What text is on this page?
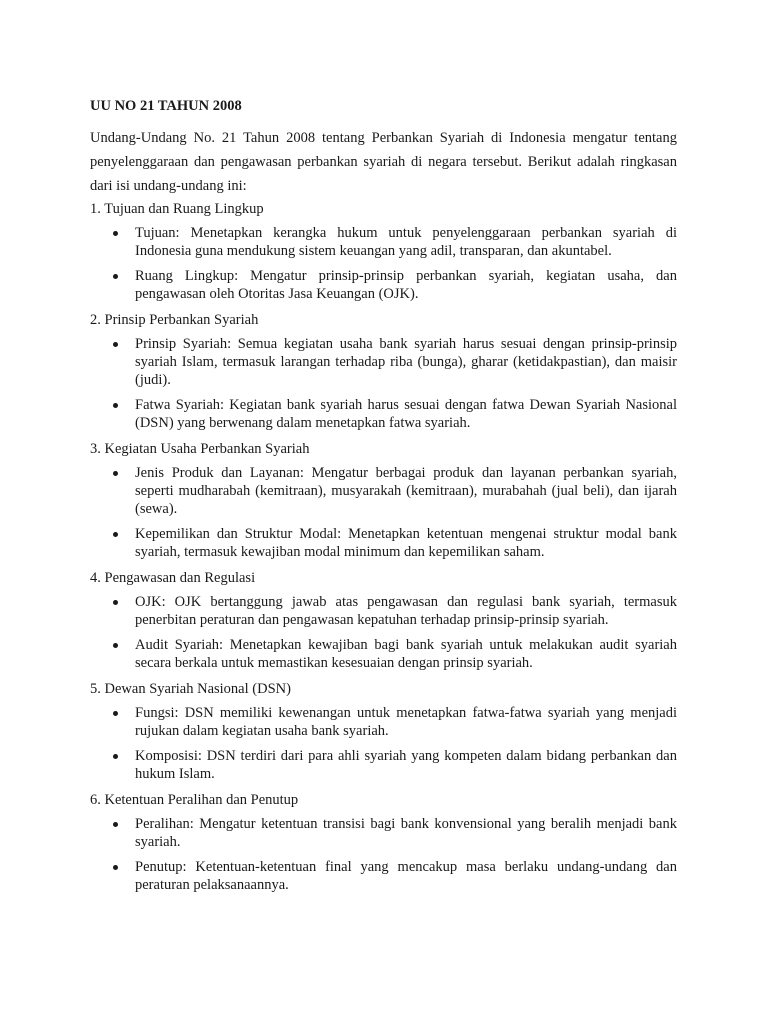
UU NO 21 TAHUN 2008

Undang-Undang No. 21 Tahun 2008 tentang Perbankan Syariah di Indonesia mengatur tentang penyelenggaraan dan pengawasan perbankan syariah di negara tersebut. Berikut adalah ringkasan dari isi undang-undang ini:

1. Tujuan dan Ruang Lingkup

Tujuan: Menetapkan kerangka hukum untuk penyelenggaraan perbankan syariah di Indonesia guna mendukung sistem keuangan yang adil, transparan, dan akuntabel.
Ruang Lingkup: Mengatur prinsip-prinsip perbankan syariah, kegiatan usaha, dan pengawasan oleh Otoritas Jasa Keuangan (OJK).

2. Prinsip Perbankan Syariah

Prinsip Syariah: Semua kegiatan usaha bank syariah harus sesuai dengan prinsip-prinsip syariah Islam, termasuk larangan terhadap riba (bunga), gharar (ketidakpastian), dan maisir (judi).
Fatwa Syariah: Kegiatan bank syariah harus sesuai dengan fatwa Dewan Syariah Nasional (DSN) yang berwenang dalam menetapkan fatwa syariah.

3. Kegiatan Usaha Perbankan Syariah

Jenis Produk dan Layanan: Mengatur berbagai produk dan layanan perbankan syariah, seperti mudharabah (kemitraan), musyarakah (kemitraan), murabahah (jual beli), dan ijarah (sewa).
Kepemilikan dan Struktur Modal: Menetapkan ketentuan mengenai struktur modal bank syariah, termasuk kewajiban modal minimum dan kepemilikan saham.

4. Pengawasan dan Regulasi

OJK: OJK bertanggung jawab atas pengawasan dan regulasi bank syariah, termasuk penerbitan peraturan dan pengawasan kepatuhan terhadap prinsip-prinsip syariah.
Audit Syariah: Menetapkan kewajiban bagi bank syariah untuk melakukan audit syariah secara berkala untuk memastikan kesesuaian dengan prinsip syariah.

5. Dewan Syariah Nasional (DSN)

Fungsi: DSN memiliki kewenangan untuk menetapkan fatwa-fatwa syariah yang menjadi rujukan dalam kegiatan usaha bank syariah.
Komposisi: DSN terdiri dari para ahli syariah yang kompeten dalam bidang perbankan dan hukum Islam.

6. Ketentuan Peralihan dan Penutup

Peralihan: Mengatur ketentuan transisi bagi bank konvensional yang beralih menjadi bank syariah.
Penutup: Ketentuan-ketentuan final yang mencakup masa berlaku undang-undang dan peraturan pelaksanaannya.
